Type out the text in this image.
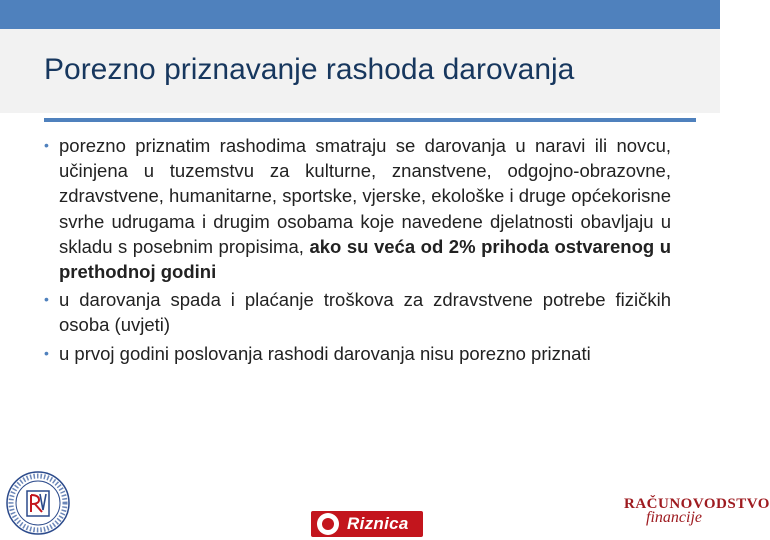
Porezno priznavanje rashoda darovanja
• porezno priznatim rashodima smatraju se darovanja u naravi ili novcu, učinjena u tuzemstvu za kulturne, znanstvene, odgojno-obrazovne, zdravstvene, humanitarne, sportske, vjerske, ekološke i druge općekorisne svrhe udrugama i drugim osobama koje navedene djelatnosti obavljaju u skladu s posebnim propisima, ako su veća od 2% prihoda ostvarenog u prethodnoj godini
• u darovanja spada i plaćanje troškova za zdravstvene potrebe fizičkih osoba (uvjeti)
• u prvoj godini poslovanja rashodi darovanja nisu porezno priznati
Riznica
RAČUNOVODSTVO
financije
